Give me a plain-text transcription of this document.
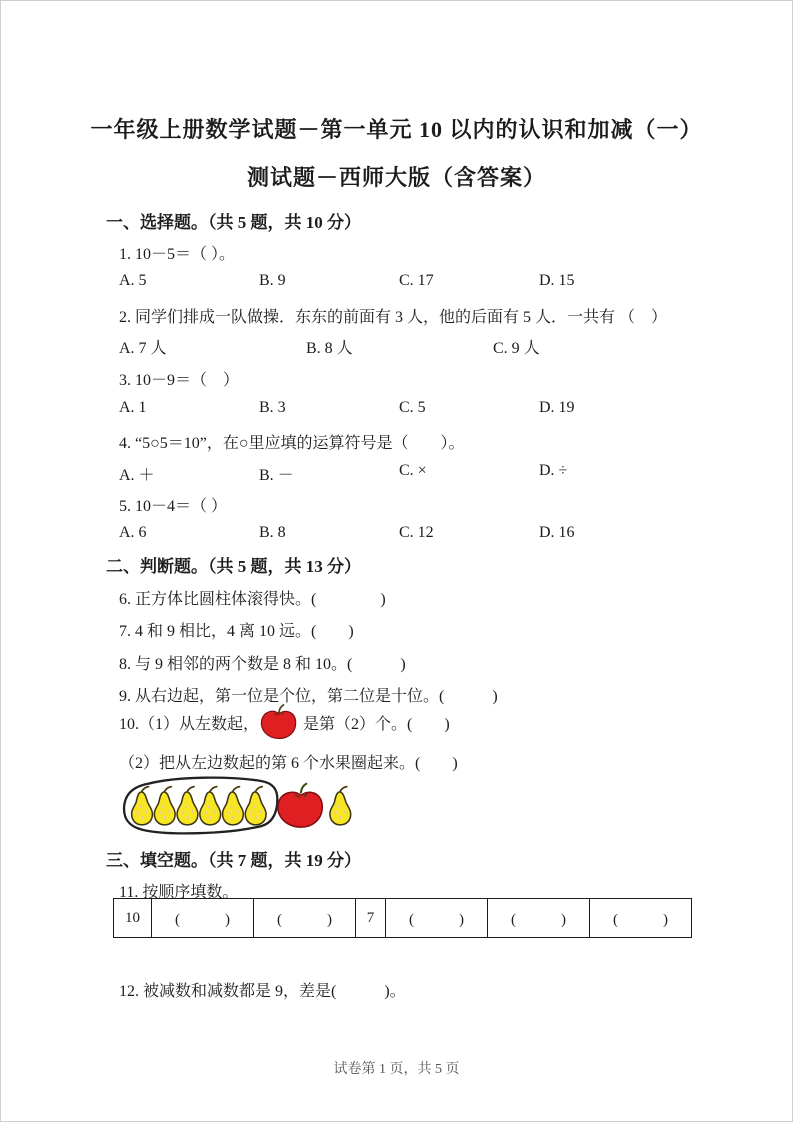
一年级上册数学试题－第一单元 10 以内的认识和加减（一）
测试题－西师大版（含答案）
一、选择题。（共 5 题，共 10 分）
1. 10－5＝（ ）。
A. 5	B. 9	C. 17	D. 15
2. 同学们排成一队做操．东东的前面有 3 人，他的后面有 5 人．一共有 （　）
A. 7 人	B. 8 人	C. 9 人
3. 10－9＝（　）
A. 1	B. 3	C. 5	D. 19
4. “5○5＝10”，在○里应填的运算符号是（　　）。
A. ＋	B. －	C. ×	D. ÷
5. 10－4＝（ ）
A. 6	B. 8	C. 12	D. 16
二、判断题。（共 5 题，共 13 分）
6. 正方体比圆柱体滚得快。(　　　　)
7. 4 和 9 相比，4 离 10 远。(　　)
8. 与 9 相邻的两个数是 8 和 10。(　　　)
9. 从右边起，第一位是个位，第二位是十位。(　　　)
10.（1）从左数起，	是第（2）个。(　　)
（2）把从左边数起的第 6 个水果圈起来。(　　)
三、填空题。（共 7 题，共 19 分）
11. 按顺序填数。
10	(　　　)	(　　　)	7	(　　　)	(　　　)	(　　　)
12. 被减数和减数都是 9，差是(　　　)。
试卷第 1 页，共 5 页
